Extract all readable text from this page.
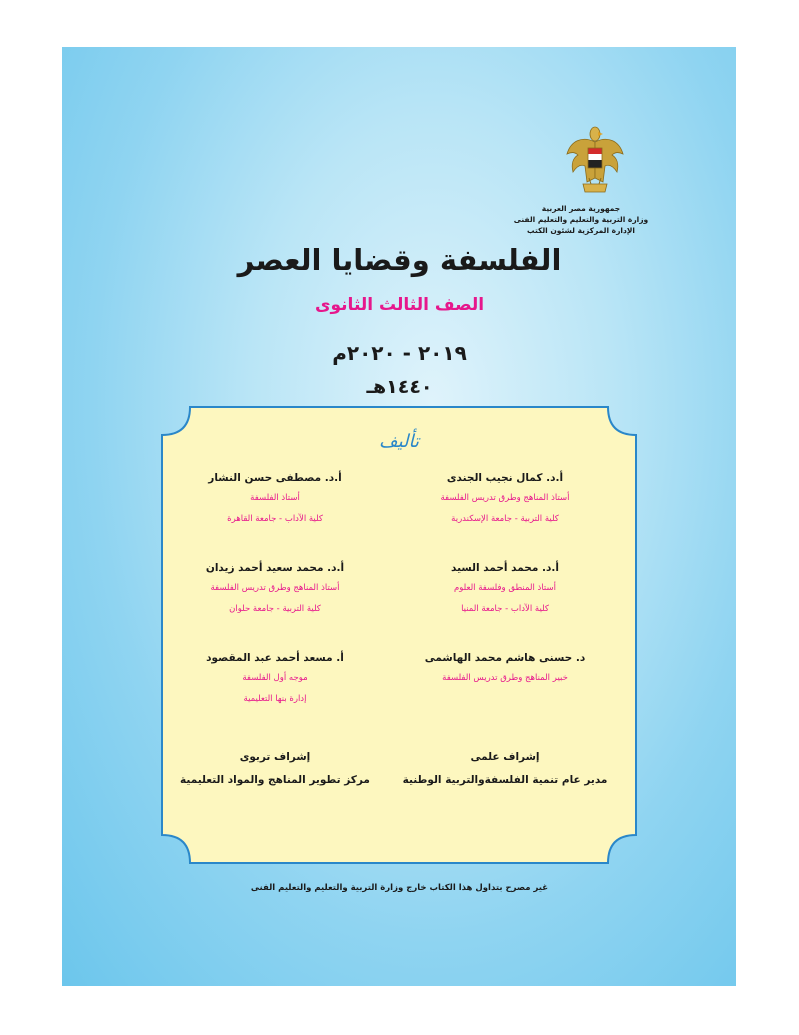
جمهورية مصر العربية
وزارة التربية والتعليم والتعليم الفنى
الإدارة المركزية لشئون الكتب
الفلسفة وقضايا العصر
الصف الثالث الثانوى
٢٠١٩ - ٢٠٢٠م
١٤٤٠هـ
تأليف
أ.د. كمال نجيب الجندى
أستاذ المناهج وطرق تدريس الفلسفة
كلية التربية - جامعة الإسكندرية
أ.د. محمد أحمد السيد
أستاذ المنطق وفلسفة العلوم
كلية الآداب - جامعة المنيا
د. حسنى هاشم محمد الهاشمى
خبير المناهج وطرق تدريس الفلسفة
أ.د. مصطفى حسن النشار
أستاذ الفلسفة
كلية الآداب - جامعة القاهرة
أ.د. محمد سعيد أحمد زيدان
أستاذ المناهج وطرق تدريس الفلسفة
كلية التربية - جامعة حلوان
أ. مسعد أحمد عبد المقصود
موجه أول الفلسفة
إدارة بنها التعليمية
إشراف علمى
مدير عام تنمية الفلسفةوالتربية الوطنية
إشراف تربوى
مركز تطوير المناهج والمواد التعليمية
غير مصرح بتداول هذا الكتاب خارج وزارة التربية والتعليم والتعليم الفنى
